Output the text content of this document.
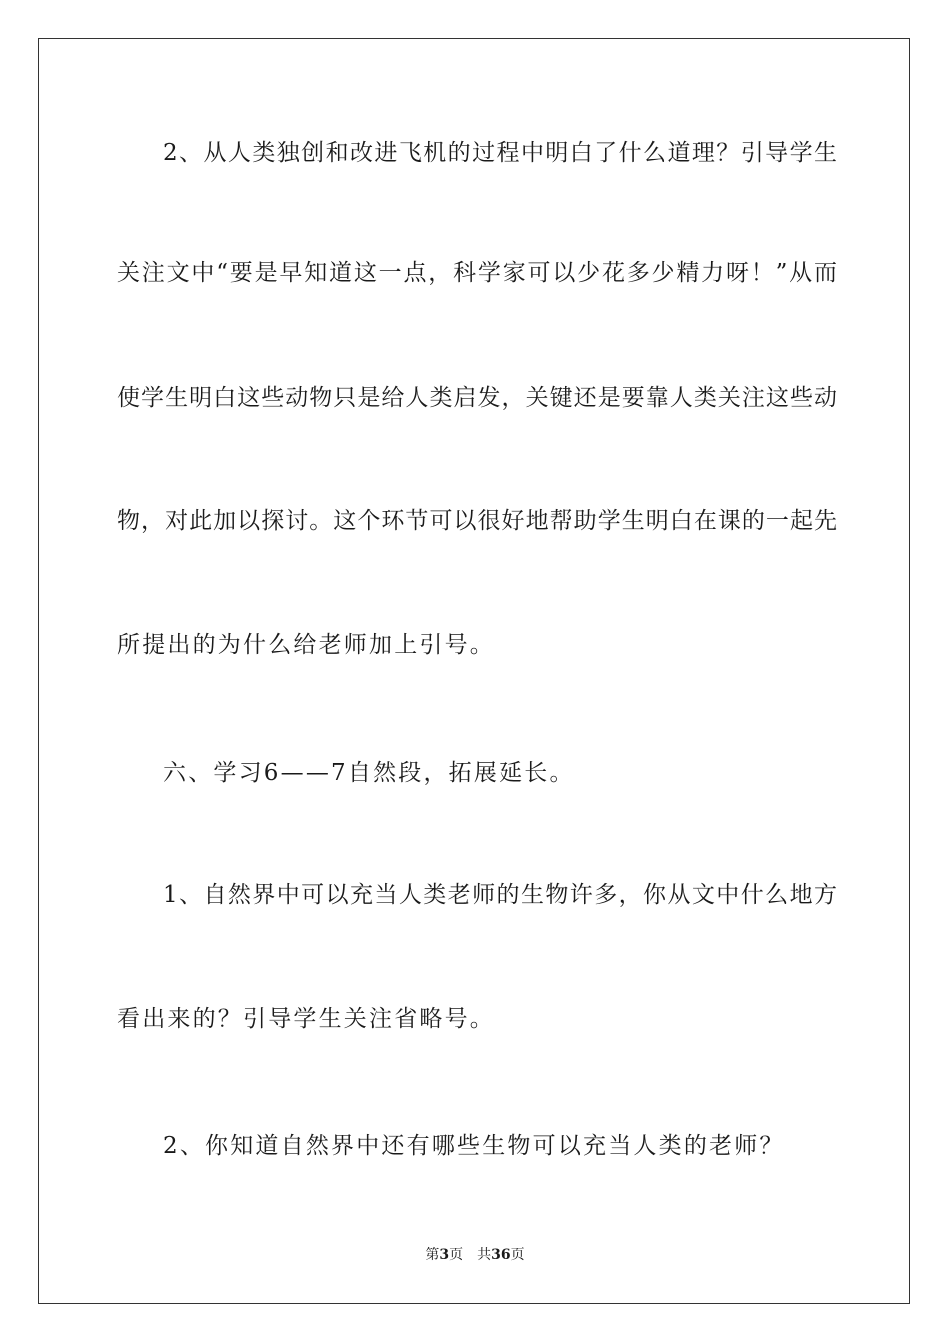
2、从人类独创和改进飞机的过程中明白了什么道理？引导学生
关注文中“要是早知道这一点，科学家可以少花多少精力呀！”从而
使学生明白这些动物只是给人类启发，关键还是要靠人类关注这些动
物，对此加以探讨。这个环节可以很好地帮助学生明白在课的一起先
所提出的为什么给老师加上引号。
六、学习6——7自然段，拓展延长。
1、自然界中可以充当人类老师的生物许多，你从文中什么地方
看出来的？引导学生关注省略号。
2、你知道自然界中还有哪些生物可以充当人类的老师？
第3页 共36页
